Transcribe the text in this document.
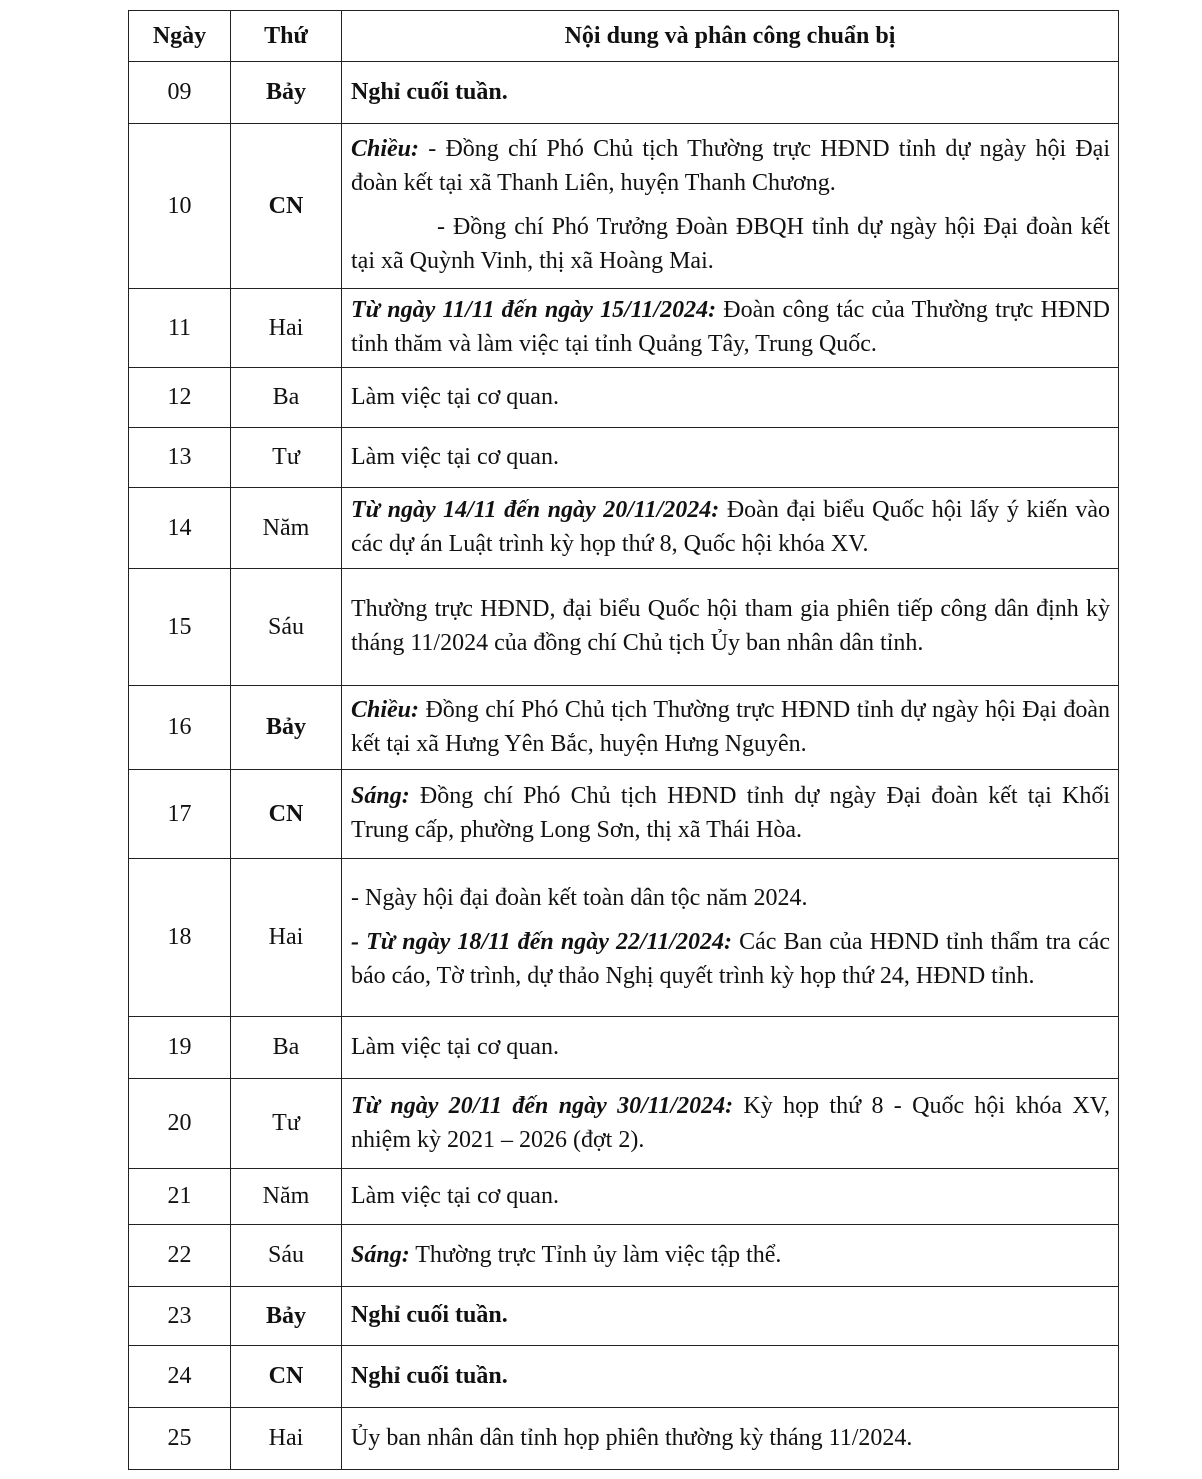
Ngày	Thứ	Nội dung và phân công chuẩn bị
09	Bảy	Nghỉ cuối tuần.

10	CN	Chiều: - Đồng chí Phó Chủ tịch Thường trực HĐND tỉnh dự ngày hội Đại đoàn kết tại xã Thanh Liên, huyện Thanh Chương.
- Đồng chí Phó Trưởng Đoàn ĐBQH tỉnh dự ngày hội Đại đoàn kết tại xã Quỳnh Vinh, thị xã Hoàng Mai.

11	Hai	Từ ngày 11/11 đến ngày 15/11/2024: Đoàn công tác của Thường trực HĐND tỉnh thăm và làm việc tại tỉnh Quảng Tây, Trung Quốc.

12	Ba	Làm việc tại cơ quan.

13	Tư	Làm việc tại cơ quan.

14	Năm	Từ ngày 14/11 đến ngày 20/11/2024: Đoàn đại biểu Quốc hội lấy ý kiến vào các dự án Luật trình kỳ họp thứ 8, Quốc hội khóa XV.

15	Sáu	Thường trực HĐND, đại biểu Quốc hội tham gia phiên tiếp công dân định kỳ tháng 11/2024 của đồng chí Chủ tịch Ủy ban nhân dân tỉnh.

16	Bảy	Chiều: Đồng chí Phó Chủ tịch Thường trực HĐND tỉnh dự ngày hội Đại đoàn kết tại xã Hưng Yên Bắc, huyện Hưng Nguyên.

17	CN	Sáng: Đồng chí Phó Chủ tịch HĐND tỉnh dự ngày Đại đoàn kết tại Khối Trung cấp, phường Long Sơn, thị xã Thái Hòa.

18	Hai	- Ngày hội đại đoàn kết toàn dân tộc năm 2024.
- Từ ngày 18/11 đến ngày 22/11/2024: Các Ban của HĐND tỉnh thẩm tra các báo cáo, Tờ trình, dự thảo Nghị quyết trình kỳ họp thứ 24, HĐND tỉnh.

19	Ba	Làm việc tại cơ quan.

20	Tư	Từ ngày 20/11 đến ngày 30/11/2024: Kỳ họp thứ 8 - Quốc hội khóa XV, nhiệm kỳ 2021 – 2026 (đợt 2).

21	Năm	Làm việc tại cơ quan.

22	Sáu	Sáng: Thường trực Tỉnh ủy làm việc tập thể.

23	Bảy	Nghỉ cuối tuần.

24	CN	Nghỉ cuối tuần.

25	Hai	Ủy ban nhân dân tỉnh họp phiên thường kỳ tháng 11/2024.
